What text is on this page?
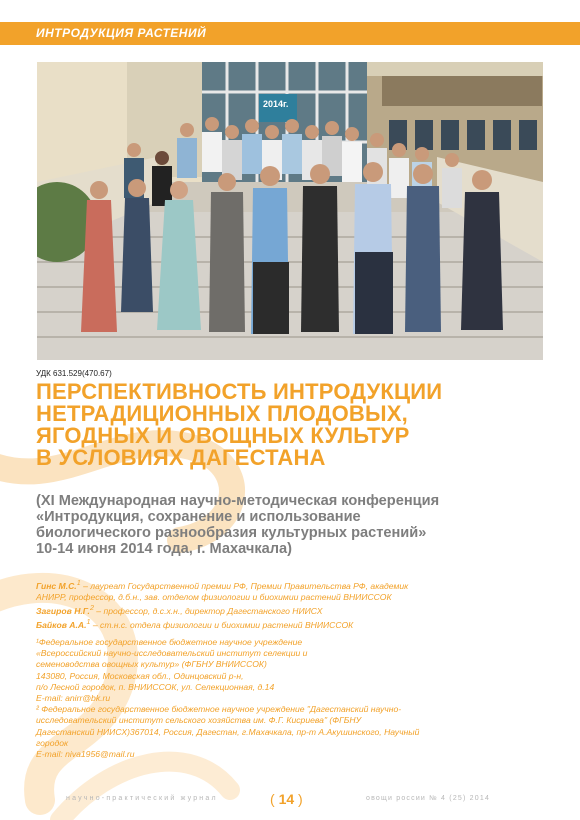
ИНТРОДУКЦИЯ РАСТЕНИЙ
2014г.
УДК 631.529(470.67)
ПЕРСПЕКТИВНОСТЬ ИНТРОДУКЦИИ
НЕТРАДИЦИОННЫХ ПЛОДОВЫХ,
ЯГОДНЫХ И ОВОЩНЫХ КУЛЬТУР
В УСЛОВИЯХ ДАГЕСТАНА
(XI Международная научно-методическая конференция
«Интродукция, сохранение и использование
биологического разнообразия культурных растений»
10-14 июня 2014 года, г. Махачкала)
Гинс М.С.$^1$ – лауреат Государственной премии РФ, Премии Правительства РФ, академик
АНИРР, профессор, д.б.н., зав. отделом физиологии и биохимии растений ВНИИССОК
Загиров Н.Г.$^2$ – профессор, д.с.х.н., директор Дагестанского НИИСХ
Байков А.А.$^1$ – ст.н.с. отдела физиологии и биохимии растений ВНИИССОК
¹Федеральное государственное бюджетное научное учреждение
«Всероссийский научно-исследовательский институт селекции и
семеноводства овощных культур» (ФГБНУ ВНИИССОК)
143080, Россия, Московская обл., Одинцовский р-н,
п/о Лесной городок, п. ВНИИССОК, ул. Селекционная, д.14
E-mail: anirr@bk.ru
² Федеральное государственное бюджетное научное учреждение "Дагестанский научно-
исследовательский институт сельского хозяйства им. Ф.Г. Кисриева" (ФГБНУ
Дагестанский НИИСХ)367014, Россия, Дагестан, г.Махачкала, пр-т А.Акушинского, Научный
городок
E-mail: niva1956@mail.ru
научно-практический журнал	( 14 )	овощи россии № 4 (25) 2014
